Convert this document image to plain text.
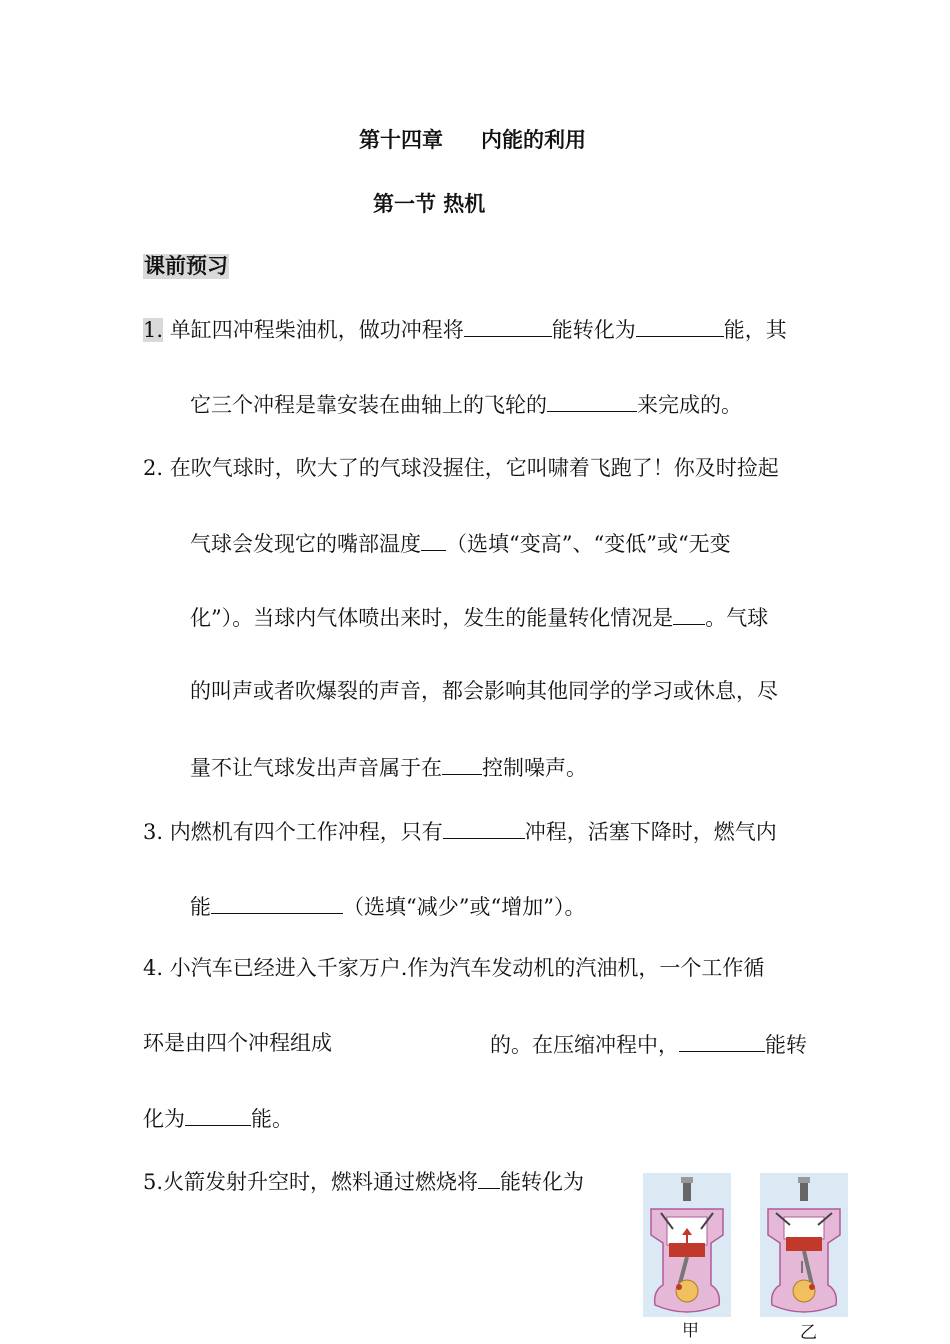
第十四章 内能的利用
第一节 热机
课前预习
1. 单缸四冲程柴油机，做功冲程将	能转化为	能，其
它三个冲程是靠安装在曲轴上的飞轮的	来完成的。
2. 在吹气球时，吹大了的气球没握住，它叫啸着飞跑了！你及时捡起
气球会发现它的嘴部温度 （选填“变高”、“变低”或“无变
化”）。当球内气体喷出来时，发生的能量转化情况是 。气球
的叫声或者吹爆裂的声音，都会影响其他同学的学习或休息，尽
量不让气球发出声音属于在 控制噪声。
3. 内燃机有四个工作冲程，只有	冲程，活塞下降时，燃气内
能	（选填“减少”或“增加”）。
4. 小汽车已经进入千家万户.作为汽车发动机的汽油机，一个工作循
环是由四个冲程组成	的。在压缩冲程中，	能转
化为	能。
5.火箭发射升空时，燃料通过燃烧将 能转化为
甲	乙
